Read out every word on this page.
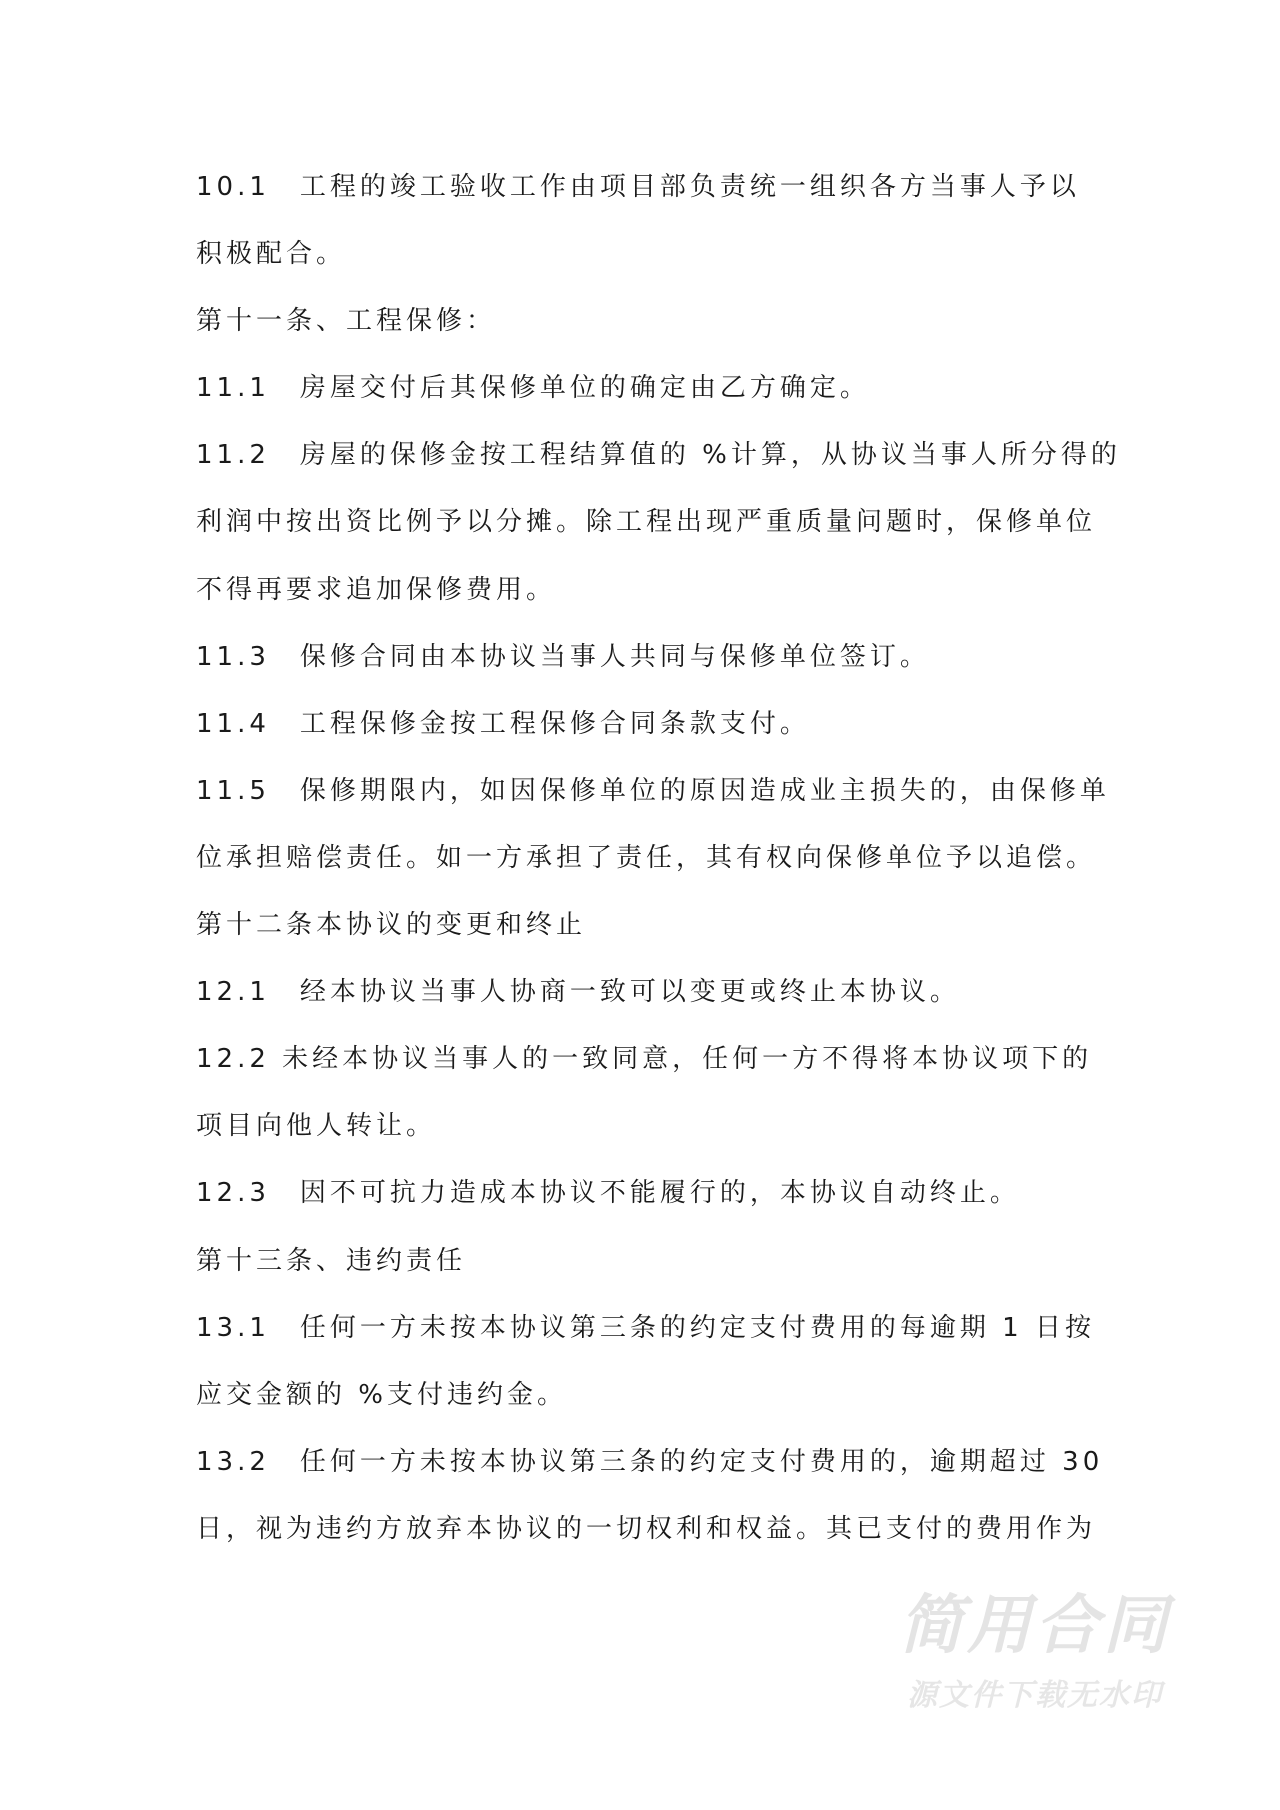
10.1　工程的竣工验收工作由项目部负责统一组织各方当事人予以
积极配合。
第十一条、工程保修：
11.1　房屋交付后其保修单位的确定由乙方确定。
11.2　房屋的保修金按工程结算值的 %计算，从协议当事人所分得的
利润中按出资比例予以分摊。除工程出现严重质量问题时，保修单位
不得再要求追加保修费用。
11.3　保修合同由本协议当事人共同与保修单位签订。
11.4　工程保修金按工程保修合同条款支付。
11.5　保修期限内，如因保修单位的原因造成业主损失的，由保修单
位承担赔偿责任。如一方承担了责任，其有权向保修单位予以追偿。
第十二条本协议的变更和终止
12.1　经本协议当事人协商一致可以变更或终止本协议。
12.2 未经本协议当事人的一致同意，任何一方不得将本协议项下的
项目向他人转让。
12.3　因不可抗力造成本协议不能履行的，本协议自动终止。
第十三条、违约责任
13.1　任何一方未按本协议第三条的约定支付费用的每逾期 1 日按
应交金额的 %支付违约金。
13.2　任何一方未按本协议第三条的约定支付费用的，逾期超过 30
日，视为违约方放弃本协议的一切权利和权益。其已支付的费用作为
简用合同
源文件下载无水印
